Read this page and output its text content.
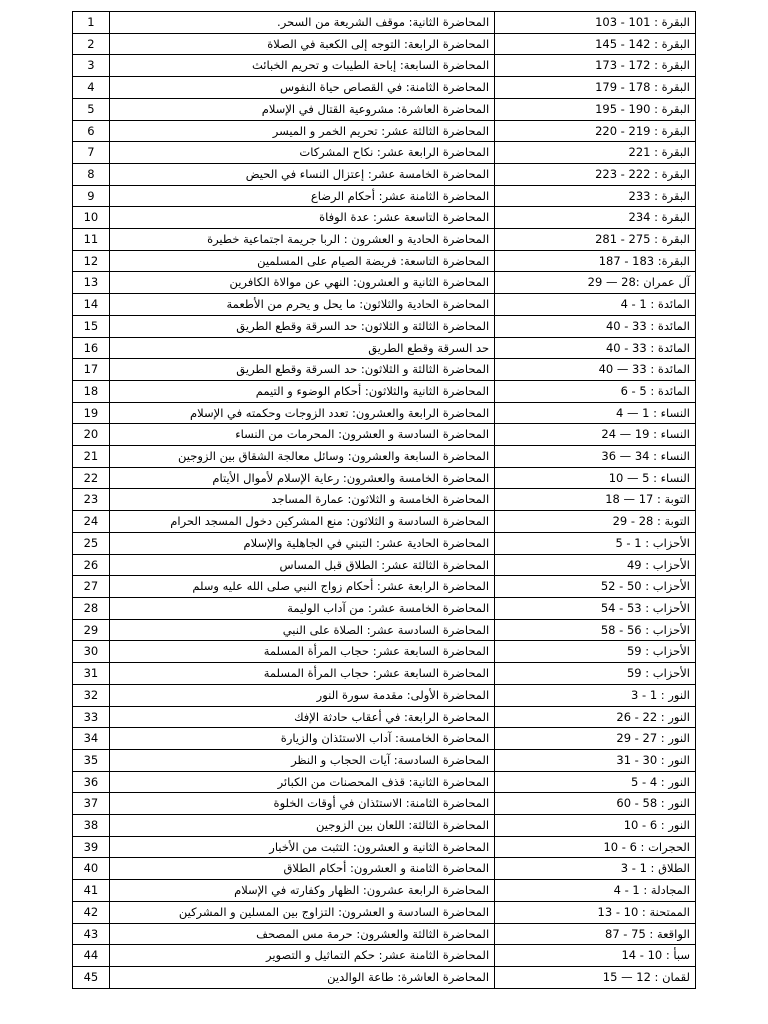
1	المحاضرة الثانية: موقف الشريعة من السحر.	البقرة : 101 - 103
2	المحاضرة الرابعة: التوجه إلى الكعبة في الصلاة	البقرة : 142 - 145
3	المحاضرة السابعة: إباحة الطيبات و تحريم الخبائث	البقرة : 172 - 173
4	المحاضرة الثامنة: في القصاص حياة النفوس	البقرة : 178 - 179
5	المحاضرة العاشرة: مشروعية القتال في الإسلام	البقرة : 190 - 195
6	المحاضرة الثالثة عشر: تحريم الخمر و الميسر	البقرة : 219 - 220
7	المحاضرة الرابعة عشر: نكاح المشركات	البقرة : 221
8	المحاضرة الخامسة عشر: إعتزال النساء في الحيض	البقرة : 222 - 223
9	المحاضرة الثامنة عشر: أحكام الرضاع	البقرة : 233
10	المحاضرة التاسعة عشر: عدة الوفاة	البقرة : 234
11	المحاضرة الحادية و العشرون : الربا جريمة اجتماعية خطيرة	البقرة : 275 - 281
12	المحاضرة التاسعة: فريضة الصيام على المسلمين	البقرة: 183 - 187
13	المحاضرة الثانية و العشرون: النهي عن موالاة الكافرين	آل عمران :28 — 29
14	المحاضرة الحادية والثلاثون: ما يحل و يحرم من الأطعمة	المائدة : 1 - 4
15	المحاضرة الثالثة و الثلاثون: حد السرقة وقطع الطريق	المائدة : 33 - 40
16	حد السرقة وقطع الطريق	المائدة : 33 - 40
17	المحاضرة الثالثة و الثلاثون: حد السرقة وقطع الطريق	المائدة : 33 — 40
18	المحاضرة الثانية والثلاثون: أحكام الوضوء و التيمم	المائدة : 5 - 6
19	المحاضرة الرابعة والعشرون: تعدد الزوجات وحكمته في الإسلام	النساء : 1 — 4
20	المحاضرة السادسة و العشرون: المحرمات من النساء	النساء : 19 — 24
21	المحاضرة السابعة والعشرون: وسائل معالجة الشقاق بين الزوجين	النساء : 34 — 36
22	المحاضرة الخامسة والعشرون: رعاية الإسلام لأموال الأيتام	النساء : 5 — 10
23	المحاضرة الخامسة و الثلاثون: عمارة المساجد	التوبة : 17 — 18
24	المحاضرة السادسة و الثلاثون: منع المشركين دخول المسجد الحرام	التوبة : 28 - 29
25	المحاضرة الحادية عشر: التبني في الجاهلية والإسلام	الأحزاب : 1 - 5
26	المحاضرة الثالثة عشر: الطلاق قبل المساس	الأحزاب : 49
27	المحاضرة الرابعة عشر: أحكام زواج النبي صلى الله عليه وسلم	الأحزاب : 50 - 52
28	المحاضرة الخامسة عشر: من آداب الوليمة	الأحزاب : 53 - 54
29	المحاضرة السادسة عشر: الصلاة على النبي	الأحزاب : 56 - 58
30	المحاضرة السابعة عشر: حجاب المرأة المسلمة	الأحزاب : 59
31	المحاضرة السابعة عشر: حجاب المرأة المسلمة	الأحزاب : 59
32	المحاضرة الأولى: مقدمة سورة النور	النور : 1 - 3
33	المحاضرة الرابعة: في أعقاب حادثة الإفك	النور : 22 - 26
34	المحاضرة الخامسة: آداب الاستئذان والزيارة	النور : 27 - 29
35	المحاضرة السادسة: آيات الحجاب و النظر	النور : 30 - 31
36	المحاضرة الثانية: قذف المحصنات من الكبائر	النور : 4 - 5
37	المحاضرة الثامنة: الاستئذان في أوقات الخلوة	النور : 58 - 60
38	المحاضرة الثالثة: اللعان بين الزوجين	النور : 6 - 10
39	المحاضرة الثانية و العشرون: التثبت من الأخبار	الحجرات : 6 - 10
40	المحاضرة الثامنة و العشرون: أحكام الطلاق	الطلاق : 1 - 3
41	المحاضرة الرابعة عشرون: الظهار وكفارته في الإسلام	المجادلة : 1 - 4
42	المحاضرة السادسة و العشرون: التزاوج بين المسلين و المشركين	الممتحنة : 10 - 13
43	المحاضرة الثالثة والعشرون: حرمة مس المصحف	الواقعة : 75 - 87
44	المحاضرة الثامنة عشر: حكم التماثيل و التصوير	سبأ : 10 - 14
45	المحاضرة العاشرة: طاعة الوالدين	لقمان : 12 — 15
